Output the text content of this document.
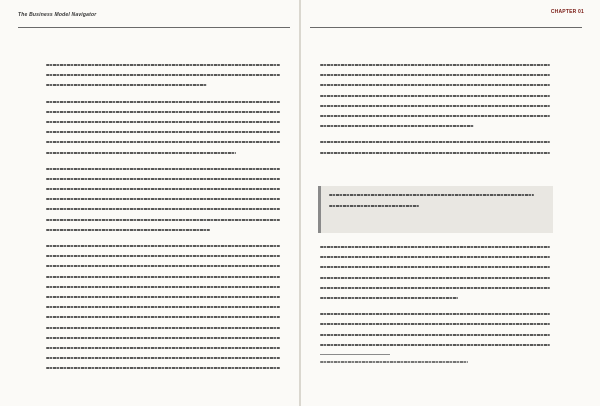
The Business Model Navigator	CHAPTER 01
